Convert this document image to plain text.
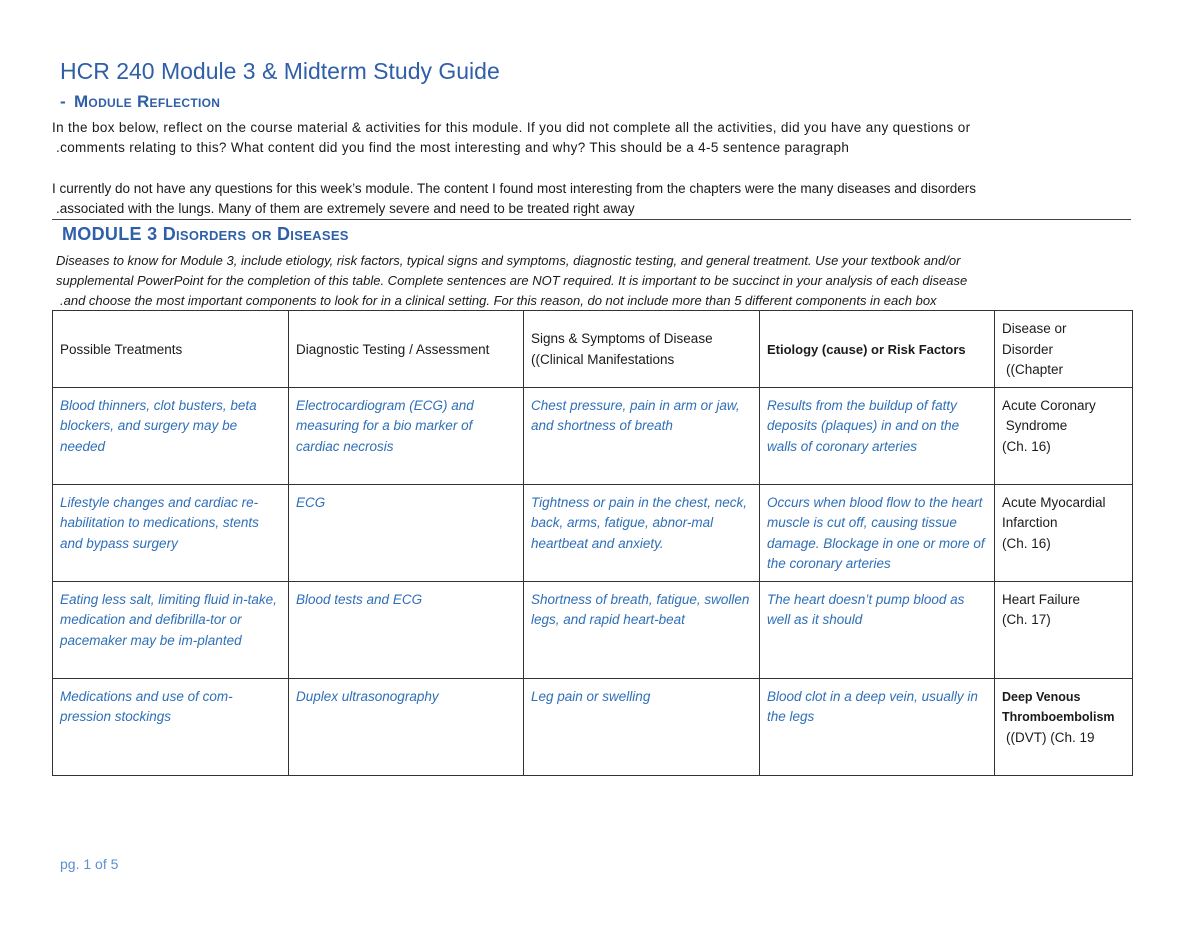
HCR 240 Module 3 & Midterm Study Guide
- Module Reflection
In the box below, reflect on the course material & activities for this module. If you did not complete all the activities, did you have any questions or
.comments relating to this? What content did you find the most interesting and why? This should be a 4-5 sentence paragraph
I currently do not have any questions for this week’s module. The content I found most interesting from the chapters were the many diseases and disorders
.associated with the lungs. Many of them are extremely severe and need to be treated right away
MODULE 3 Disorders or Diseases
Diseases to know for Module 3, include etiology, risk factors, typical signs and symptoms, diagnostic testing, and general treatment. Use your textbook and/or
supplemental PowerPoint for the completion of this table. Complete sentences are NOT required. It is important to be succinct in your analysis of each disease
.and choose the most important components to look for in a clinical setting. For this reason, do not include more than 5 different components in each box
Possible Treatments	Diagnostic Testing / Assessment	Signs & Symptoms of Disease
((Clinical Manifestations	Etiology (cause) or Risk Factors	Disease or
Disorder
((Chapter

Blood thinners, clot busters, beta blockers, and surgery may be needed	Electrocardiogram (ECG) and measuring for a bio marker of cardiac necrosis	Chest pressure, pain in arm or jaw, and shortness of breath	Results from the buildup of fatty deposits (plaques) in and on the walls of coronary arteries	Acute Coronary
Syndrome
(Ch. 16)

Lifestyle changes and cardiac re-habilitation to medications, stents and bypass surgery	ECG	Tightness or pain in the chest, neck, back, arms, fatigue, abnor-mal heartbeat and anxiety.	Occurs when blood flow to the heart muscle is cut off, causing tissue damage. Blockage in one or more of the coronary arteries	Acute Myocardial
Infarction
(Ch. 16)

Eating less salt, limiting fluid in-take, medication and defibrilla-tor or pacemaker may be im-planted	Blood tests and ECG	Shortness of breath, fatigue, swollen legs, and rapid heart-beat	The heart doesn’t pump blood as well as it should	Heart Failure
(Ch. 17)

Medications and use of com-pression stockings	Duplex ultrasonography	Leg pain or swelling	Blood clot in a deep vein, usually in the legs	Deep Venous
Thromboembolism
((DVT) (Ch. 19
pg. 1 of 5
